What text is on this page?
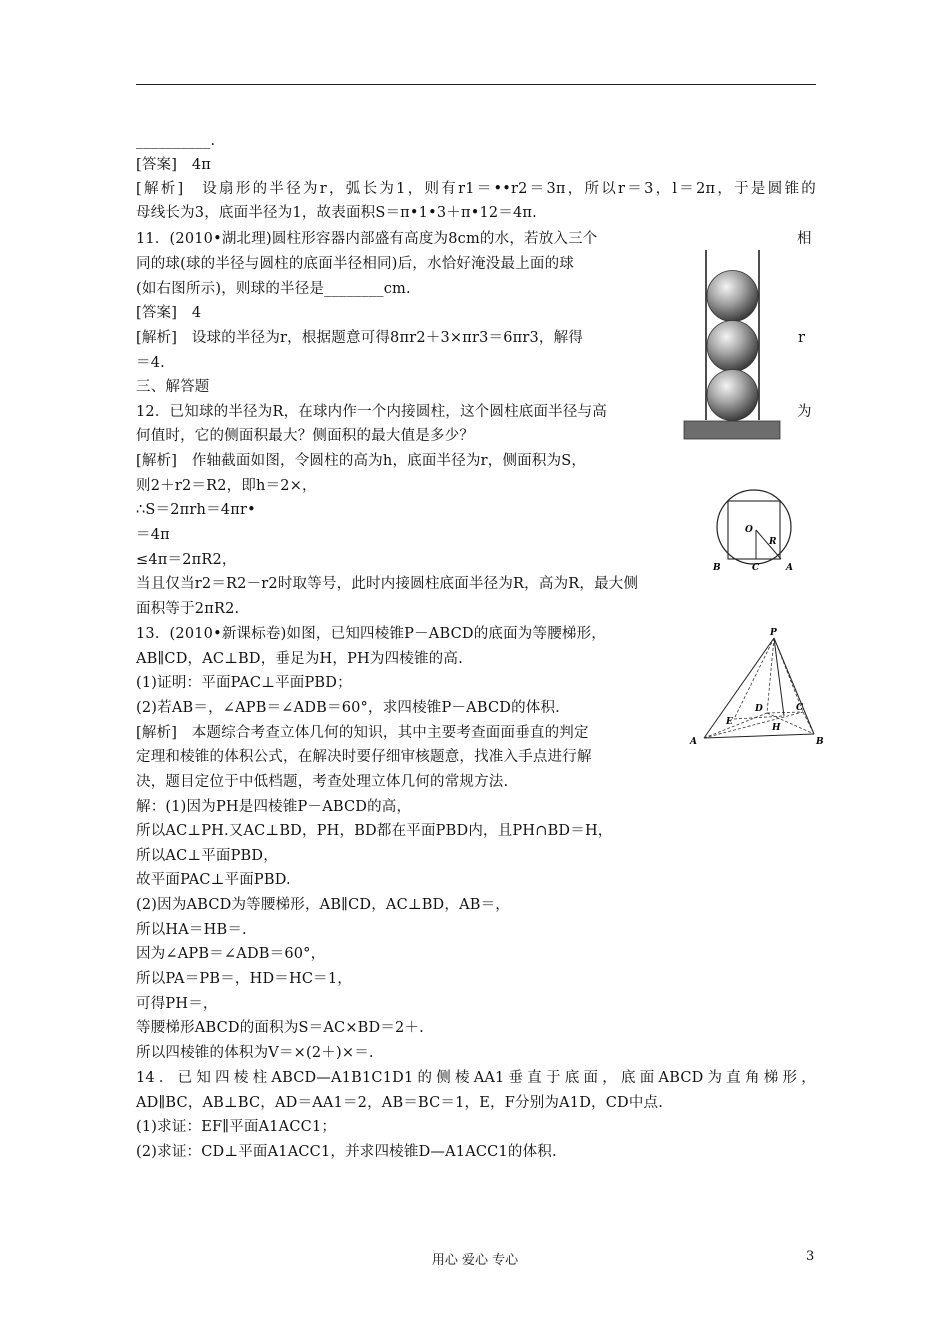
__________.
[答案]　4π
[解析]　设扇形的半径为r，弧长为1，则有r1＝••r2＝3π，所以r＝3，l＝2π，于是圆锥的
母线长为3，底面半径为1，故表面积S＝π•1•3＋π•12＝4π.
11．(2010•湖北理)圆柱形容器内部盛有高度为8cm的水，若放入三个
同的球(球的半径与圆柱的底面半径相同)后，水恰好淹没最上面的球
(如右图所示)，则球的半径是________cm.
[答案]　4
[解析]　设球的半径为r，根据题意可得8πr2＋3×πr3＝6πr3，解得
＝4.
三、解答题
12．已知球的半径为R，在球内作一个内接圆柱，这个圆柱底面半径与高
何值时，它的侧面积最大？侧面积的最大值是多少？
[解析]　作轴截面如图，令圆柱的高为h，底面半径为r，侧面积为S，
则2＋r2＝R2，即h＝2×，
∴S＝2πrh＝4πr•
＝4π
≤4π＝2πR2，
当且仅当r2＝R2－r2时取等号，此时内接圆柱底面半径为R，高为R，最大侧
面积等于2πR2.
13．(2010•新课标卷)如图，已知四棱锥P－ABCD的底面为等腰梯形，
AB∥CD，AC⊥BD，垂足为H，PH为四棱锥的高.
(1)证明：平面PAC⊥平面PBD；
(2)若AB＝，∠APB＝∠ADB＝60°，求四棱锥P－ABCD的体积.
[解析]　本题综合考查立体几何的知识，其中主要考查面面垂直的判定
定理和棱锥的体积公式，在解决时要仔细审核题意，找准入手点进行解
决，题目定位于中低档题，考查处理立体几何的常规方法.
解：(1)因为PH是四棱锥P－ABCD的高，
所以AC⊥PH.又AC⊥BD，PH，BD都在平面PBD内，且PH∩BD＝H，
所以AC⊥平面PBD，
故平面PAC⊥平面PBD.
(2)因为ABCD为等腰梯形，AB∥CD，AC⊥BD，AB＝，
所以HA＝HB＝.
因为∠APB＝∠ADB＝60°，
所以PA＝PB＝，HD＝HC＝1，
可得PH＝，
等腰梯形ABCD的面积为S＝AC×BD＝2＋.
所以四棱锥的体积为V＝×(2＋)×＝.
14．已知四棱柱ABCD—A1B1C1D1的侧棱AA1垂直于底面，底面ABCD为直角梯形，
AD∥BC，AB⊥BC，AD＝AA1＝2，AB＝BC＝1，E，F分别为A1D，CD中点.
(1)求证：EF∥平面A1ACC1；
(2)求证：CD⊥平面A1ACC1，并求四棱锥D—A1ACC1的体积.
相
r
为
O
R
B	C	A
P
A	B
C
D
E
H
用心 爱心 专心	3
